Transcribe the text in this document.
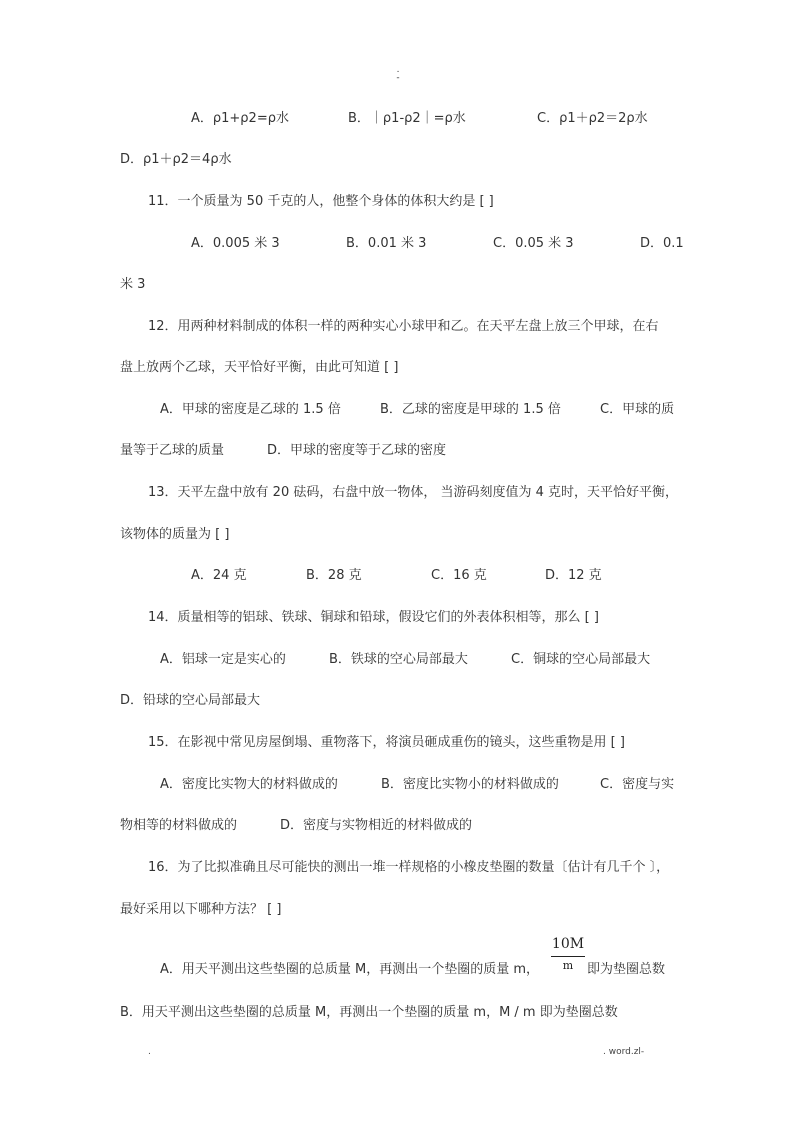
.
-
A．ρ1+ρ2=ρ水	B．｜ρ1-ρ2｜=ρ水	C．ρ1＋ρ2＝2ρ水
D．ρ1＋ρ2＝4ρ水
11．一个质量为 50 千克的人，他整个身体的体积大约是 [ ]
A．0.005 米 3	B．0.01 米 3	C．0.05 米 3	D．0.1
米 3
12．用两种材料制成的体积一样的两种实心小球甲和乙。在天平左盘上放三个甲球，在右
盘上放两个乙球，天平恰好平衡，由此可知道 [ ]
A．甲球的密度是乙球的 1.5 倍	B．乙球的密度是甲球的 1.5 倍	C．甲球的质
量等于乙球的质量	D．甲球的密度等于乙球的密度
13．天平左盘中放有 20 砝码，右盘中放一物体， 当游码刻度值为 4 克时，天平恰好平衡，
该物体的质量为 [ ]
A．24 克	B．28 克	C．16 克	D．12 克
14．质量相等的铝球、铁球、铜球和铅球，假设它们的外表体积相等，那么 [ ]
A．铝球一定是实心的	B．铁球的空心局部最大	C．铜球的空心局部最大
D．铅球的空心局部最大
15．在影视中常见房屋倒塌、重物落下，将演员砸成重伤的镜头，这些重物是用 [ ]
A．密度比实物大的材料做成的	B．密度比实物小的材料做成的	C．密度与实
物相等的材料做成的	D．密度与实物相近的材料做成的
16．为了比拟准确且尽可能快的测出一堆一样规格的小橡皮垫圈的数量〔估计有几千个 〕，
最好采用以下哪种方法？ [ ]
A．用天平测出这些垫圈的总质量 M，再测出一个垫圈的质量 m，
10M
m	即为垫圈总数
B．用天平测出这些垫圈的总质量 M，再测出一个垫圈的质量 m，M / m 即为垫圈总数
.	. word.zl-
